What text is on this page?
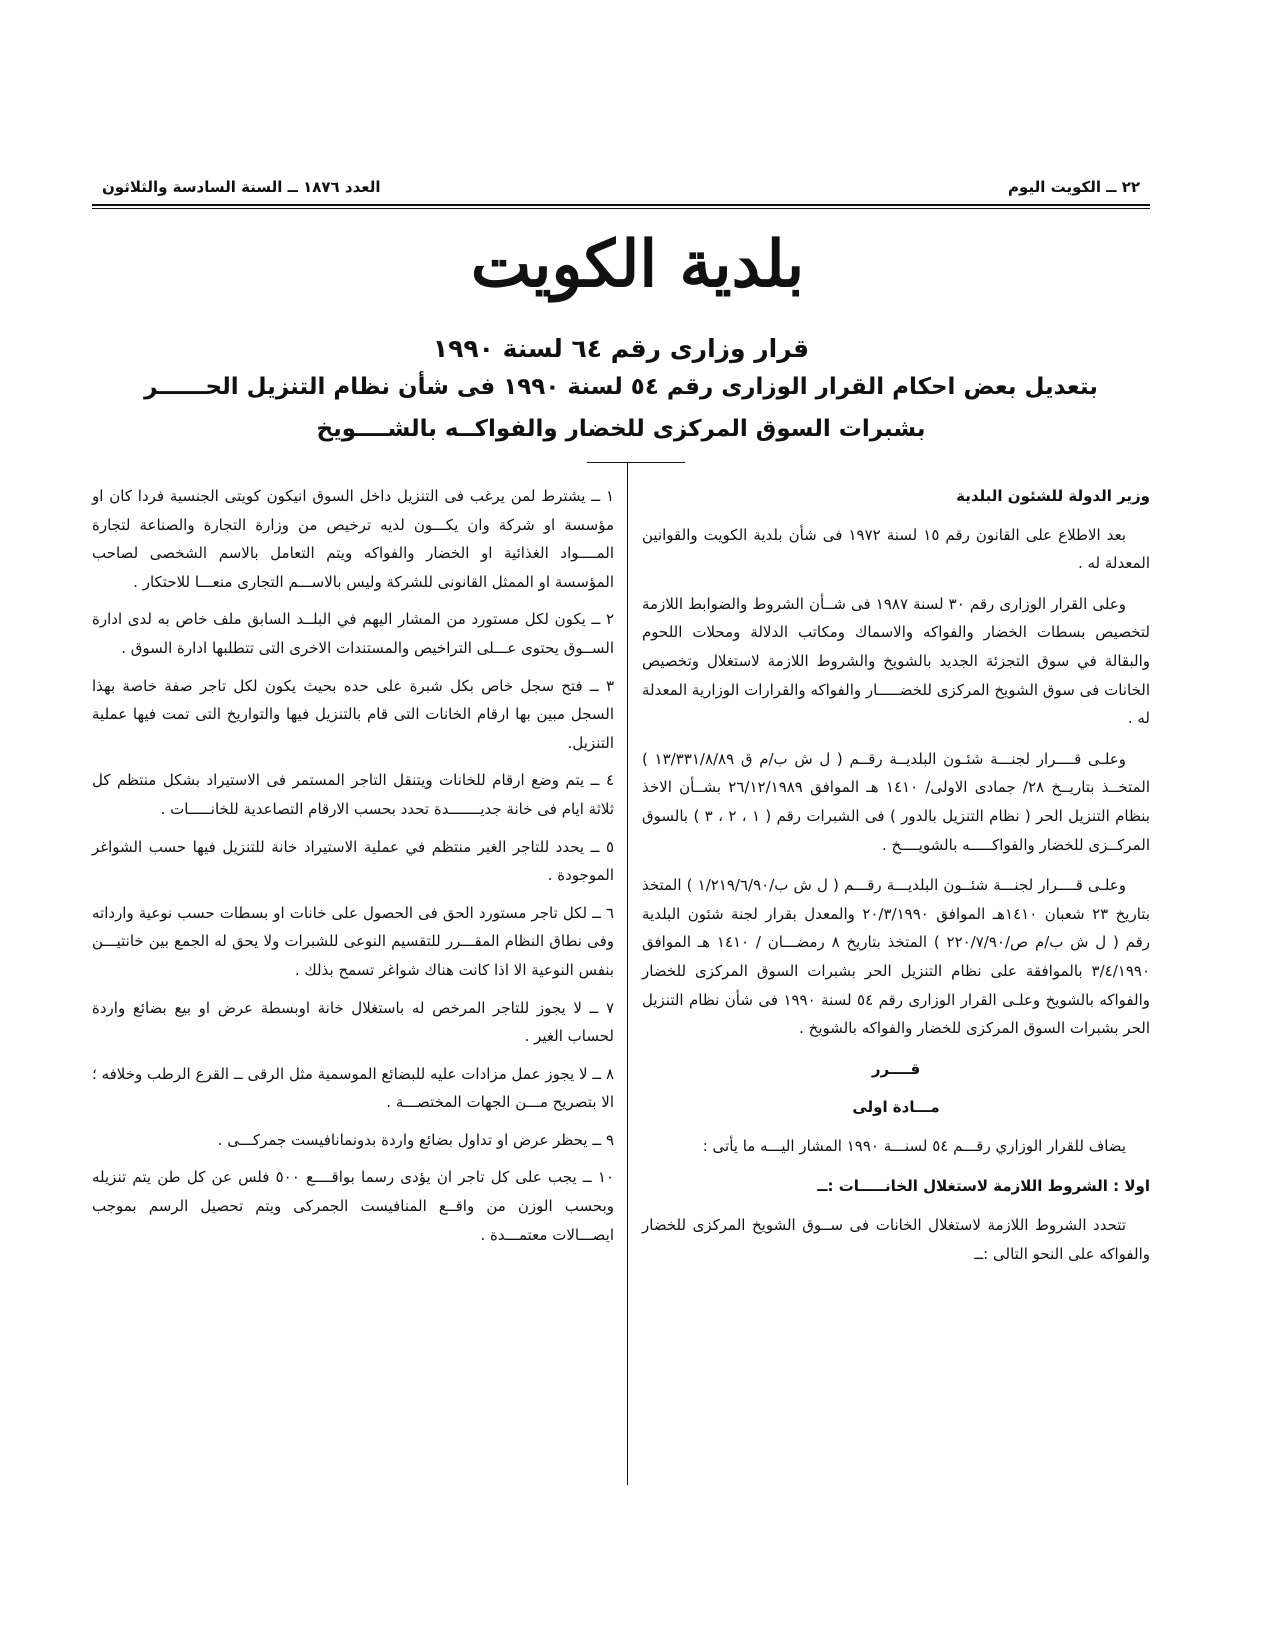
٢٢ ــ الكويت اليوم
العدد ١٨٧٦ ــ السنة السادسة والثلاثون
بلدية الكويت
قرار وزارى رقم ٦٤ لسنة ١٩٩٠
بتعديل بعض احكام القرار الوزارى رقم ٥٤ لسنة ١٩٩٠ فى شأن نظام التنزيل الحــــــر
بشبرات السوق المركزى للخضار والفواكــه بالشــــويخ

وزير الدولة للشئون البلدية

بعد الاطلاع على القانون رقم ١٥ لسنة ١٩٧٢ فى شأن بلدية الكويت والقوانين المعدلة له .

وعلى القرار الوزارى رقم ٣٠ لسنة ١٩٨٧ فى شــأن الشروط والضوابط اللازمة لتخصيص بسطات الخضار والفواكه والاسماك ومكاتب الدلالة ومحلات اللحوم والبقالة في سوق التجزئة الجديد بالشويخ والشروط اللازمة لاستغلال وتخصيص الخانات فى سوق الشويخ المركزى للخضـــــار والفواكه والقرارات الوزارية المعدلة له .

وعلـى قــــرار لجنـــة شئـون البلديــة رقــم ( ل ش ب/م ق ١٣/٣٣١/٨/٨٩ ) المتخــذ بتاريــخ ٢٨/ جمادى الاولى/ ١٤١٠ هـ الموافق ٢٦/١٢/١٩٨٩ بشــأن الاخذ بنظام التنزيل الحر ( نظام التنزيل بالدور ) فى الشبرات رقم ( ١ ، ٢ ، ٣ ) بالسوق المركــزى للخضار والفواكـــــه بالشويــــخ .

وعلـى قــــرار لجنـــة شئــون البلديـــة رقـــم ( ل ش ب/١/٢١٩/٦/٩٠ ) المتخذ بتاريخ ٢٣ شعبان ١٤١٠هـ الموافق ٢٠/٣/١٩٩٠ والمعدل بقرار لجنة شئون البلدية رقم ( ل ش ب/م ص/٢٢٠/٧/٩٠ ) المتخذ بتاريخ ٨ رمضـــان / ١٤١٠ هـ الموافق ٣/٤/١٩٩٠ بالموافقة على نظام التنزيل الحر بشبرات السوق المركزى للخضار والفواكه بالشويخ وعلـى القرار الوزارى رقم ٥٤ لسنة ١٩٩٠ فى شأن نظام التنزيل الحر بشبرات السوق المركزى للخضار والفواكه بالشويخ .

قــــرر

مـــادة اولى

يضاف للقرار الوزاري رقـــم ٥٤ لسنـــة ١٩٩٠ المشار اليـــه ما يأتى :

اولا : الشروط اللازمة لاستغلال الخانـــــات :ــ

تتحدد الشروط اللازمة لاستغلال الخانات فى ســوق الشويخ المركزى للخضار والفواكه على النحو التالى :ــ

١ ــ يشترط لمن يرغب فى التنزيل داخل السوق انيكون كويتى الجنسية فردا كان او مؤسسة او شركة وان يكـــون لديه ترخيص من وزارة التجارة والصناعة لتجارة المــــواد الغذائية او الخضار والفواكه ويتم التعامل بالاسم الشخصى لصاحب المؤسسة او الممثل القانونى للشركة وليس بالاســـم التجارى منعـــا للاحتكار .

٢ ــ يكون لكل مستورد من المشار اليهم في البلــد السابق ملف خاص به لدى ادارة الســوق يحتوى عـــلى التراخيص والمستندات الاخرى التى تتطلبها ادارة السوق .

٣ ــ فتح سجل خاص بكل شبرة على حده بحيث يكون لكل تاجر صفة خاصة بهذا السجل مبين بها ارقام الخانات التى قام بالتنزيل فيها والتواريخ التى تمت فيها عملية التنزيل.

٤ ــ يتم وضع ارقام للخانات ويتنقل التاجر المستمر فى الاستيراد بشكل منتظم كل ثلاثة ايام فى خانة جديـــــــدة تحدد بحسب الارقام التصاعدية للخانـــــات .

٥ ــ يحدد للتاجر الغير منتظم في عملية الاستيراد خانة للتنزيل فيها حسب الشواغر الموجودة .

٦ ــ لكل تاجر مستورد الحق فى الحصول على خانات او بسطات حسب نوعية وارداته وفى نطاق النظام المقـــرر للتقسيم النوعى للشبرات ولا يحق له الجمع بين خانتيـــن بنفس النوعية الا اذا كانت هناك شواغر تسمح بذلك .

٧ ــ لا يجوز للتاجر المرخص له باستغلال خانة اوبسطة عرض او بيع بضائع واردة لحساب الغير .

٨ ــ لا يجوز عمل مزادات عليه للبضائع الموسمية مثل الرقى ــ القرع الرطب وخلافه ؛ الا بتصريح مـــن الجهات المختصـــة .

٩ ــ يحظر عرض او تداول بضائع واردة بدونمانافيست جمركـــى .

١٠ ــ يجب على كل تاجر ان يؤدى رسما بواقــــع ٥٠٠ فلس عن كل طن يتم تنزيله وبحسب الوزن من واقــع المنافيست الجمركى ويتم تحصيل الرسم بموجب ايصـــالات معتمـــدة .
